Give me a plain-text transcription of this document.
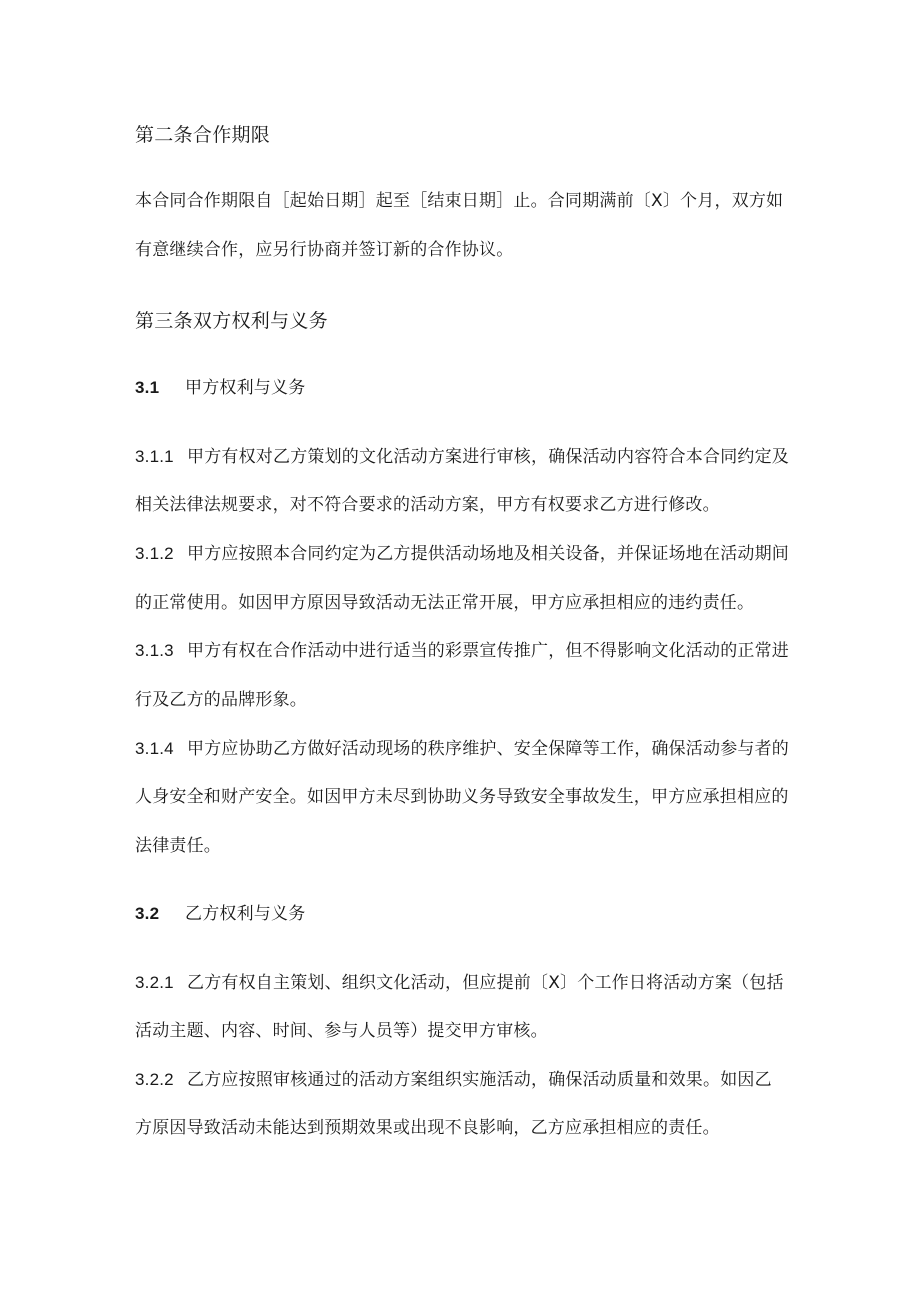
第二条合作期限
本合同合作期限自［起始日期］起至［结束日期］止。合同期满前〔X〕个月，双方如
有意继续合作，应另行协商并签订新的合作协议。
第三条双方权利与义务
3.1 甲方权利与义务
3.1.1 甲方有权对乙方策划的文化活动方案进行审核，确保活动内容符合本合同约定及
相关法律法规要求，对不符合要求的活动方案，甲方有权要求乙方进行修改。
3.1.2 甲方应按照本合同约定为乙方提供活动场地及相关设备，并保证场地在活动期间
的正常使用。如因甲方原因导致活动无法正常开展，甲方应承担相应的违约责任。
3.1.3 甲方有权在合作活动中进行适当的彩票宣传推广，但不得影响文化活动的正常进
行及乙方的品牌形象。
3.1.4 甲方应协助乙方做好活动现场的秩序维护、安全保障等工作，确保活动参与者的
人身安全和财产安全。如因甲方未尽到协助义务导致安全事故发生，甲方应承担相应的
法律责任。
3.2 乙方权利与义务
3.2.1 乙方有权自主策划、组织文化活动，但应提前〔X〕个工作日将活动方案（包括
活动主题、内容、时间、参与人员等）提交甲方审核。
3.2.2 乙方应按照审核通过的活动方案组织实施活动，确保活动质量和效果。如因乙
方原因导致活动未能达到预期效果或出现不良影响，乙方应承担相应的责任。
